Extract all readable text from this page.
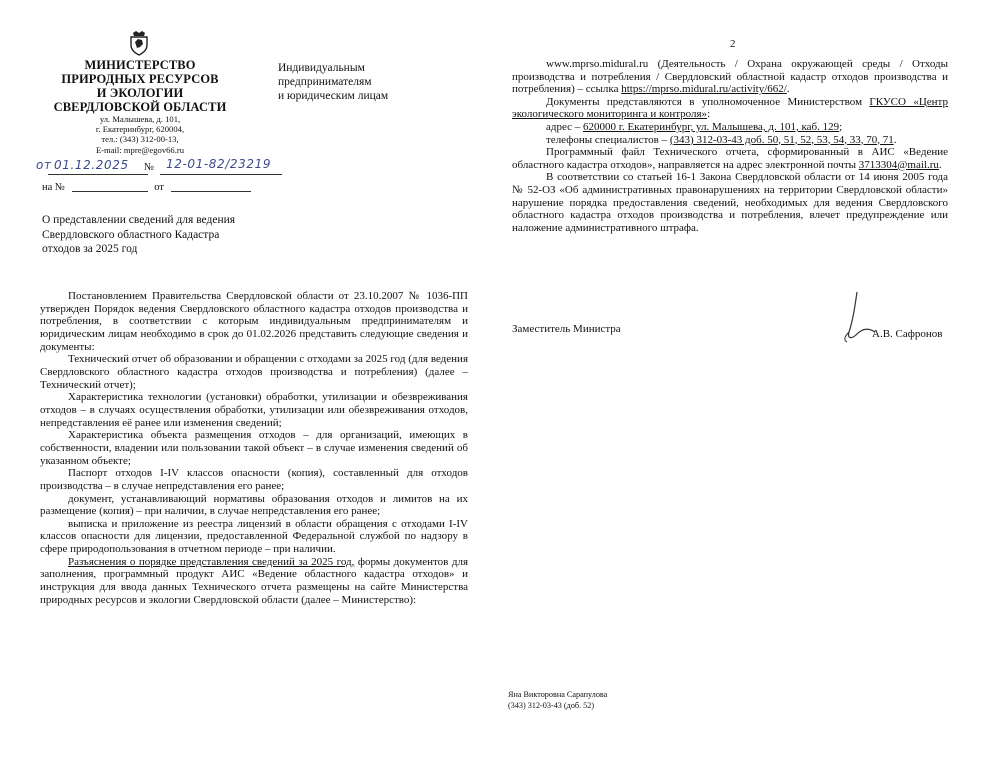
МИНИСТЕРСТВО
ПРИРОДНЫХ РЕСУРСОВ
И ЭКОЛОГИИ
СВЕРДЛОВСКОЙ ОБЛАСТИ
ул. Малышева, д. 101,
г. Екатеринбург, 620004,
тел.: (343) 312-00-13,
E-mail: mpre@egov66.ru
Индивидуальным
предпринимателям
и юридическим лицам
от 01.12.2025 № 12-01-82/23219
на №	от
О представлении сведений для ведения
Свердловского областного Кадастра
отходов за 2025 год

Постановлением Правительства Свердловской области от 23.10.2007 № 1036-ПП утвержден Порядок ведения Свердловского областного кадастра отходов производства и потребления, в соответствии с которым индивидуальным предпринимателям и юридическим лицам необходимо в срок до 01.02.2026 представить следующие сведения и документы:

Технический отчет об образовании и обращении с отходами за 2025 год (для ведения Свердловского областного кадастра отходов производства и потребления) (далее – Технический отчет);

Характеристика технологии (установки) обработки, утилизации и обезвреживания отходов – в случаях осуществления обработки, утилизации или обезвреживания отходов, непредставления её ранее или изменения сведений;

Характеристика объекта размещения отходов – для организаций, имеющих в собственности, владении или пользовании такой объект – в случае изменения сведений об указанном объекте;

Паспорт отходов I-IV классов опасности (копия), составленный для отходов производства – в случае непредставления его ранее;

документ, устанавливающий нормативы образования отходов и лимитов на их размещение (копия) – при наличии, в случае непредставления его ранее;

выписка и приложение из реестра лицензий в области обращения с отходами I-IV классов опасности для лицензии, предоставленной Федеральной службой по надзору в сфере природопользования в отчетном периоде – при наличии.

Разъяснения о порядке представления сведений за 2025 год, формы документов для заполнения, программный продукт АИС «Ведение областного кадастра отходов» и инструкция для ввода данных Технического отчета размещены на сайте Министерства природных ресурсов и экологии Свердловской области (далее – Министерство):

2

www.mprso.midural.ru (Деятельность / Охрана окружающей среды / Отходы производства и потребления / Свердловский областной кадастр отходов производства и потребления) – ссылка https://mprso.midural.ru/activity/662/.

Документы представляются в уполномоченное Министерством ГКУСО «Центр экологического мониторинга и контроля»:

адрес – 620000 г. Екатеринбург, ул. Малышева, д. 101, каб. 129;

телефоны специалистов – (343) 312-03-43 доб. 50, 51, 52, 53, 54, 33, 70, 71.

Программный файл Технического отчета, сформированный в АИС «Ведение областного кадастра отходов», направляется на адрес электронной почты 3713304@mail.ru.

В соответствии со статьей 16-1 Закона Свердловской области от 14 июня 2005 года № 52-ОЗ «Об административных правонарушениях на территории Свердловской области» нарушение порядка предоставления сведений, необходимых для ведения Свердловского областного кадастра отходов производства и потребления, влечет предупреждение или наложение административного штрафа.

Заместитель Министра	А.В. Сафронов
Яна Викторовна Сарапулова
(343) 312-03-43 (доб. 52)
